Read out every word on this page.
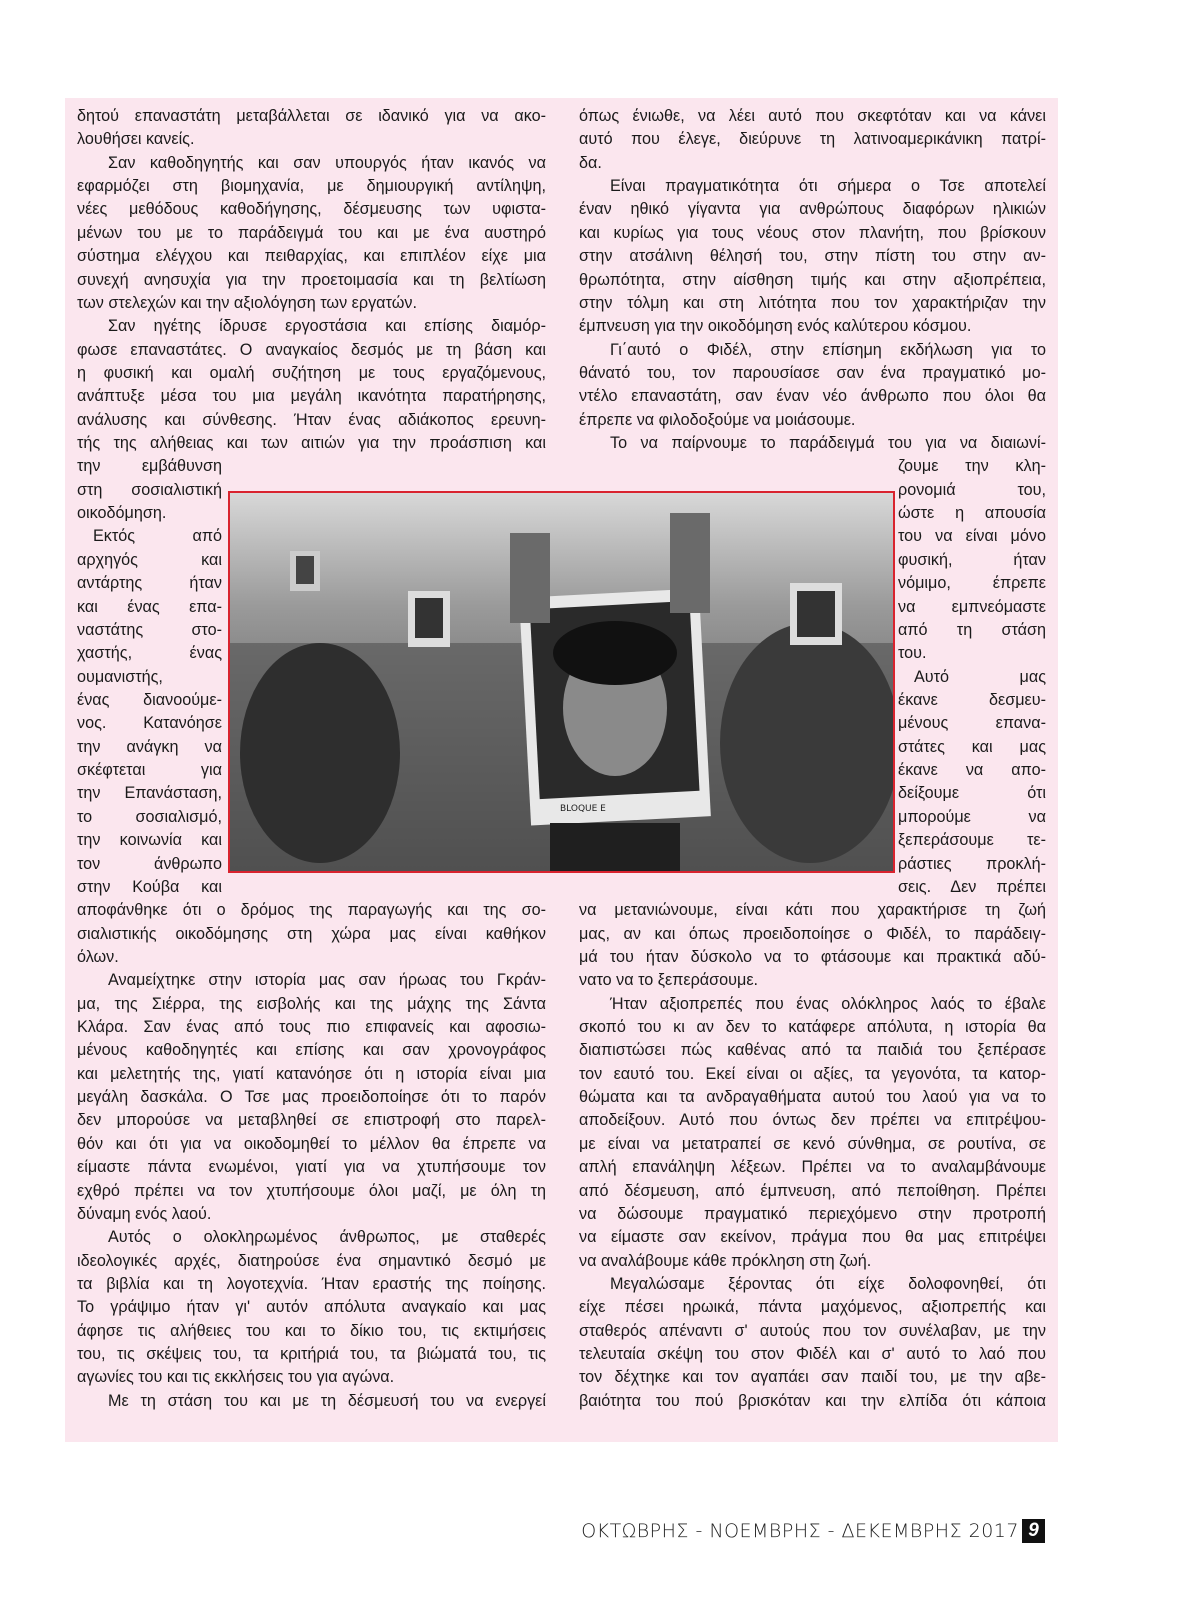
δητού επαναστάτη μεταβάλλεται σε ιδανικό για να ακο-
λουθήσει κανείς.
Σαν καθοδηγητής και σαν υπουργός ήταν ικανός να
εφαρμόζει στη βιομηχανία, με δημιουργική αντίληψη,
νέες μεθόδους καθοδήγησης, δέσμευσης των υφιστα-
μένων του με το παράδειγμά του και με ένα αυστηρό
σύστημα ελέγχου και πειθαρχίας, και επιπλέον είχε μια
συνεχή ανησυχία για την προετοιμασία και τη βελτίωση
των στελεχών και την αξιολόγηση των εργατών.
Σαν ηγέτης ίδρυσε εργοστάσια και επίσης διαμόρ-
φωσε επαναστάτες. Ο αναγκαίος δεσμός με τη βάση και
η φυσική και ομαλή συζήτηση με τους εργαζόμενους,
ανάπτυξε μέσα του μια μεγάλη ικανότητα παρατήρησης,
ανάλυσης και σύνθεσης. Ήταν ένας αδιάκοπος ερευνη-
τής της αλήθειας και των αιτιών για την προάσπιση και
την εμβάθυνση
στη σοσιαλιστική
οικοδόμηση.
Εκτός από
αρχηγός και
αντάρτης ήταν
και ένας επα-
ναστάτης στο-
χαστής, ένας
ουμανιστής,
ένας διανοούμε-
νος. Κατανόησε
την ανάγκη να
σκέφτεται για
την Επανάσταση,
το σοσιαλισμό,
την κοινωνία και
τον άνθρωπο
στην Κούβα και
αποφάνθηκε ότι ο δρόμος της παραγωγής και της σο-
σιαλιστικής οικοδόμησης στη χώρα μας είναι καθήκον
όλων.
Αναμείχτηκε στην ιστορία μας σαν ήρωας του Γκράν-
μα, της Σιέρρα, της εισβολής και της μάχης της Σάντα
Κλάρα. Σαν ένας από τους πιο επιφανείς και αφοσιω-
μένους καθοδηγητές και επίσης και σαν χρονογράφος
και μελετητής της, γιατί κατανόησε ότι η ιστορία είναι μια
μεγάλη δασκάλα. Ο Τσε μας προειδοποίησε ότι το παρόν
δεν μπορούσε να μεταβληθεί σε επιστροφή στο παρελ-
θόν και ότι για να οικοδομηθεί το μέλλον θα έπρεπε να
είμαστε πάντα ενωμένοι, γιατί για να χτυπήσουμε τον
εχθρό πρέπει να τον χτυπήσουμε όλοι μαζί, με όλη τη
δύναμη ενός λαού.
Αυτός ο ολοκληρωμένος άνθρωπος, με σταθερές
ιδεολογικές αρχές, διατηρούσε ένα σημαντικό δεσμό με
τα βιβλία και τη λογοτεχνία. Ήταν εραστής της ποίησης.
Το γράψιμο ήταν γι' αυτόν απόλυτα αναγκαίο και μας
άφησε τις αλήθειες του και το δίκιο του, τις εκτιμήσεις
του, τις σκέψεις του, τα κριτήριά του, τα βιώματά του, τις
αγωνίες του και τις εκκλήσεις του για αγώνα.
Με τη στάση του και με τη δέσμευσή του να ενεργεί
όπως ένιωθε, να λέει αυτό που σκεφτόταν και να κάνει
αυτό που έλεγε, διεύρυνε τη λατινοαμερικάνικη πατρί-
δα.
Είναι πραγματικότητα ότι σήμερα ο Τσε αποτελεί
έναν ηθικό γίγαντα για ανθρώπους διαφόρων ηλικιών
και κυρίως για τους νέους στον πλανήτη, που βρίσκουν
στην ατσάλινη θέλησή του, στην πίστη του στην αν-
θρωπότητα, στην αίσθηση τιμής και στην αξιοπρέπεια,
στην τόλμη και στη λιτότητα που τον χαρακτήριζαν την
έμπνευση για την οικοδόμηση ενός καλύτερου κόσμου.
Γι΄αυτό ο Φιδέλ, στην επίσημη εκδήλωση για το
θάνατό του, τον παρουσίασε σαν ένα πραγματικό μο-
ντέλο επαναστάτη, σαν έναν νέο άνθρωπο που όλοι θα
έπρεπε να φιλοδοξούμε να μοιάσουμε.
Το να παίρνουμε το παράδειγμά του για να διαιωνί-
ζουμε την κλη-
ρονομιά του,
ώστε η απουσία
του να είναι μόνο
φυσική, ήταν
νόμιμο, έπρεπε
να εμπνεόμαστε
από τη στάση
του.
Αυτό μας
έκανε δεσμευ-
μένους επανα-
στάτες και μας
έκανε να απο-
δείξουμε ότι
μπορούμε να
ξεπεράσουμε τε-
ράστιες προκλή-
σεις. Δεν πρέπει
να μετανιώνουμε, είναι κάτι που χαρακτήρισε τη ζωή
μας, αν και όπως προειδοποίησε ο Φιδέλ, το παράδειγ-
μά του ήταν δύσκολο να το φτάσουμε και πρακτικά αδύ-
νατο να το ξεπεράσουμε.
Ήταν αξιοπρεπές που ένας ολόκληρος λαός το έβαλε
σκοπό του κι αν δεν το κατάφερε απόλυτα, η ιστορία θα
διαπιστώσει πώς καθένας από τα παιδιά του ξεπέρασε
τον εαυτό του. Εκεί είναι οι αξίες, τα γεγονότα, τα κατορ-
θώματα και τα ανδραγαθήματα αυτού του λαού για να το
αποδείξουν. Αυτό που όντως δεν πρέπει να επιτρέψου-
με είναι να μετατραπεί σε κενό σύνθημα, σε ρουτίνα, σε
απλή επανάληψη λέξεων. Πρέπει να το αναλαμβάνουμε
από δέσμευση, από έμπνευση, από πεποίθηση. Πρέπει
να δώσουμε πραγματικό περιεχόμενο στην προτροπή
να είμαστε σαν εκείνον, πράγμα που θα μας επιτρέψει
να αναλάβουμε κάθε πρόκληση στη ζωή.
Μεγαλώσαμε ξέροντας ότι είχε δολοφονηθεί, ότι
είχε πέσει ηρωικά, πάντα μαχόμενος, αξιοπρεπής και
σταθερός απέναντι σ' αυτούς που τον συνέλαβαν, με την
τελευταία σκέψη του στον Φιδέλ και σ' αυτό το λαό που
τον δέχτηκε και τον αγαπάει σαν παιδί του, με την αβε-
βαιότητα του πού βρισκόταν και την ελπίδα ότι κάποια
BLOQUE E
ΟΚΤΩΒΡΗΣ - ΝΟΕΜΒΡΗΣ - ΔΕΚΕΜΒΡΗΣ 2017 9
